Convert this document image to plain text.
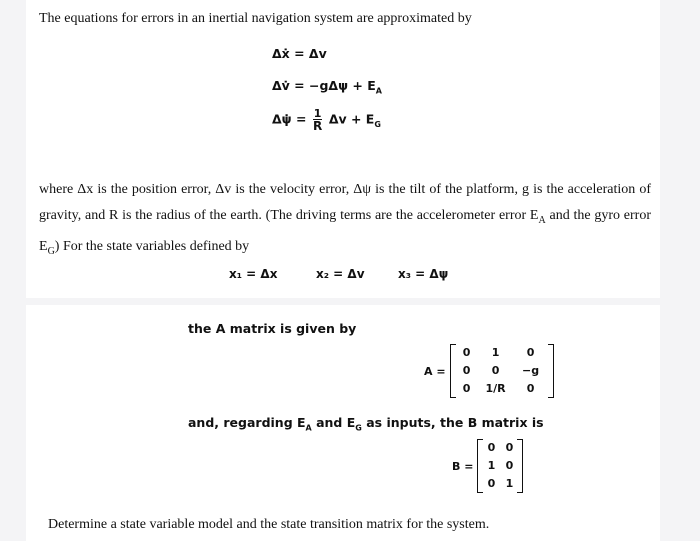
The equations for errors in an inertial navigation system are approximated by
Δẋ = Δv
Δv̇ = $-g\Delta\psi + E_A$
Δψ̇ = $\frac{1}{R}$ $\Delta v + E_G$
where Δx is the position error, Δv is the velocity error, Δψ is the tilt of the platform, g is the acceleration of gravity, and R is the radius of the earth. (The driving terms are the accelerometer error $E_A$ and the gyro error $E_G$) For the state variables defined by
x₁ = Δx	x₂ = Δv	x₃ = Δψ
the A matrix is given by
A =
0	1	0
0	0	−g
0	1/R	0
and, regarding $E_A$ and $E_G$ as inputs, the B matrix is
B =
0 0
1 0
0 1
Determine a state variable model and the state transition matrix for the system.
